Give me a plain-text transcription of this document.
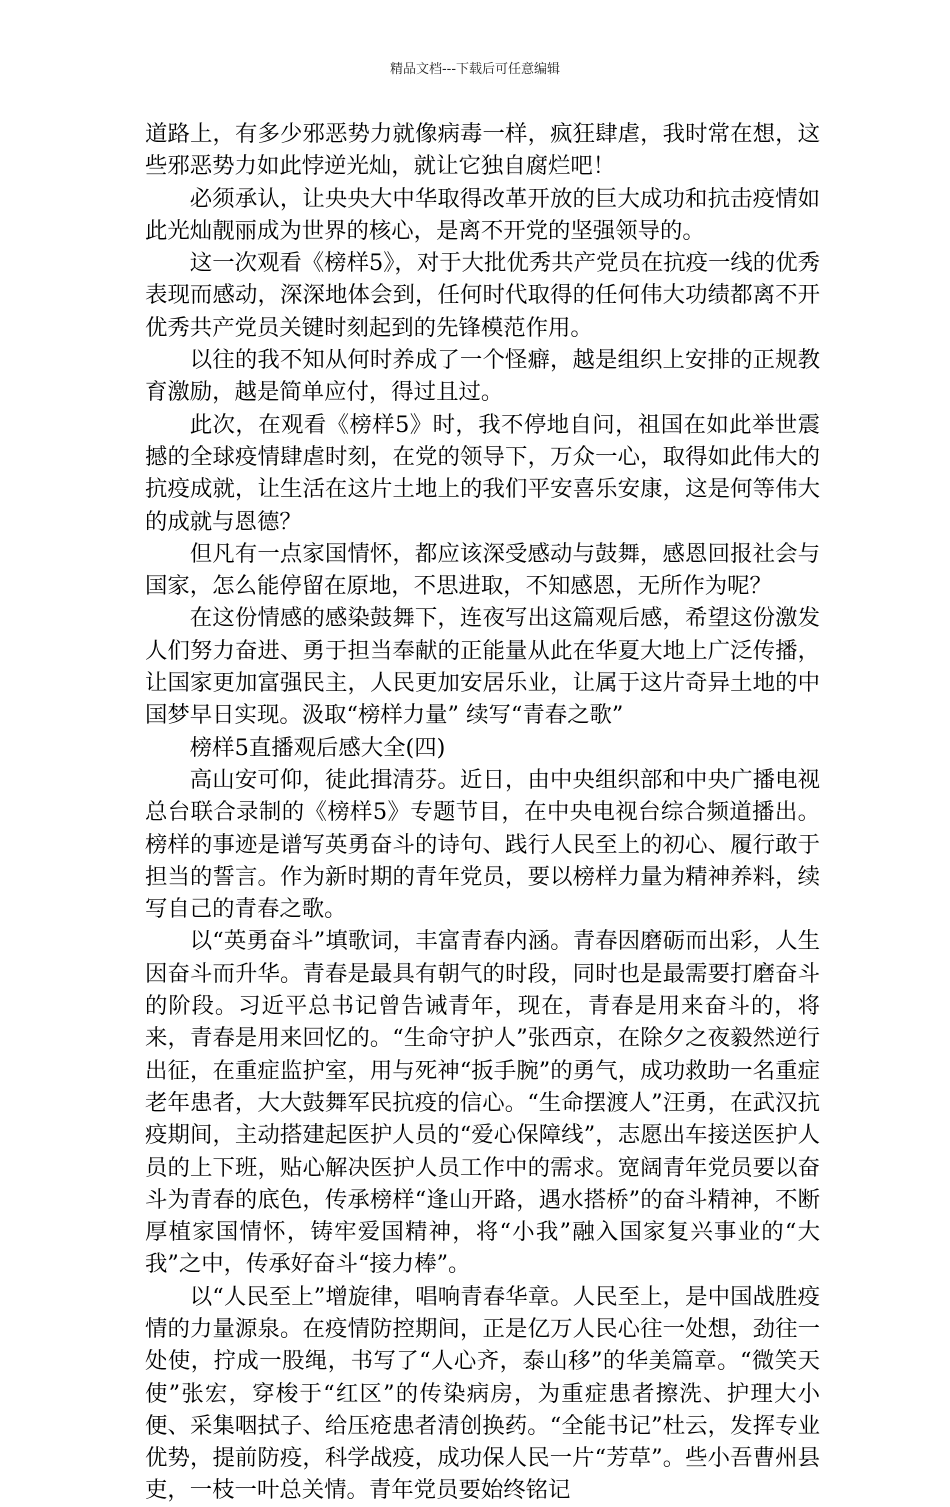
精品文档---下载后可任意编辑

道路上，有多少邪恶势力就像病毒一样，疯狂肆虐，我时常在想，这些邪恶势力如此悖逆光灿，就让它独自腐烂吧！

必须承认，让央央大中华取得改革开放的巨大成功和抗击疫情如此光灿靓丽成为世界的核心，是离不开党的坚强领导的。

这一次观看《榜样5》，对于大批优秀共产党员在抗疫一线的优秀表现而感动，深深地体会到，任何时代取得的任何伟大功绩都离不开优秀共产党员关键时刻起到的先锋模范作用。

以往的我不知从何时养成了一个怪癖，越是组织上安排的正规教育激励，越是简单应付，得过且过。

此次，在观看《榜样5》时，我不停地自问，祖国在如此举世震撼的全球疫情肆虐时刻，在党的领导下，万众一心，取得如此伟大的抗疫成就，让生活在这片土地上的我们平安喜乐安康，这是何等伟大的成就与恩德？

但凡有一点家国情怀，都应该深受感动与鼓舞，感恩回报社会与国家，怎么能停留在原地，不思进取，不知感恩，无所作为呢？

在这份情感的感染鼓舞下，连夜写出这篇观后感，希望这份激发人们努力奋进、勇于担当奉献的正能量从此在华夏大地上广泛传播，让国家更加富强民主，人民更加安居乐业，让属于这片奇异土地的中国梦早日实现。汲取“榜样力量” 续写“青春之歌”

榜样5直播观后感大全(四)

高山安可仰，徒此揖清芬。近日，由中央组织部和中央广播电视总台联合录制的《榜样5》专题节目，在中央电视台综合频道播出。榜样的事迹是谱写英勇奋斗的诗句、践行人民至上的初心、履行敢于担当的誓言。作为新时期的青年党员，要以榜样力量为精神养料，续写自己的青春之歌。

以“英勇奋斗”填歌词，丰富青春内涵。青春因磨砺而出彩，人生因奋斗而升华。青春是最具有朝气的时段，同时也是最需要打磨奋斗的阶段。习近平总书记曾告诫青年，现在，青春是用来奋斗的，将来，青春是用来回忆的。“生命守护人”张西京，在除夕之夜毅然逆行出征，在重症监护室，用与死神“扳手腕”的勇气，成功救助一名重症老年患者，大大鼓舞军民抗疫的信心。“生命摆渡人”汪勇，在武汉抗疫期间，主动搭建起医护人员的“爱心保障线”，志愿出车接送医护人员的上下班，贴心解决医护人员工作中的需求。宽阔青年党员要以奋斗为青春的底色，传承榜样“逢山开路，遇水搭桥”的奋斗精神，不断厚植家国情怀，铸牢爱国精神，将“小我”融入国家复兴事业的“大我”之中，传承好奋斗“接力棒”。

以“人民至上”增旋律，唱响青春华章。人民至上，是中国战胜疫情的力量源泉。在疫情防控期间，正是亿万人民心往一处想，劲往一处使，拧成一股绳，书写了“人心齐，泰山移”的华美篇章。“微笑天使”张宏，穿梭于“红区”的传染病房，为重症患者擦洗、护理大小便、采集咽拭子、给压疮患者清创换药。“全能书记”杜云，发挥专业优势，提前防疫，科学战疫，成功保人民一片“芳草”。些小吾曹州县吏，一枝一叶总关情。青年党员要始终铭记
